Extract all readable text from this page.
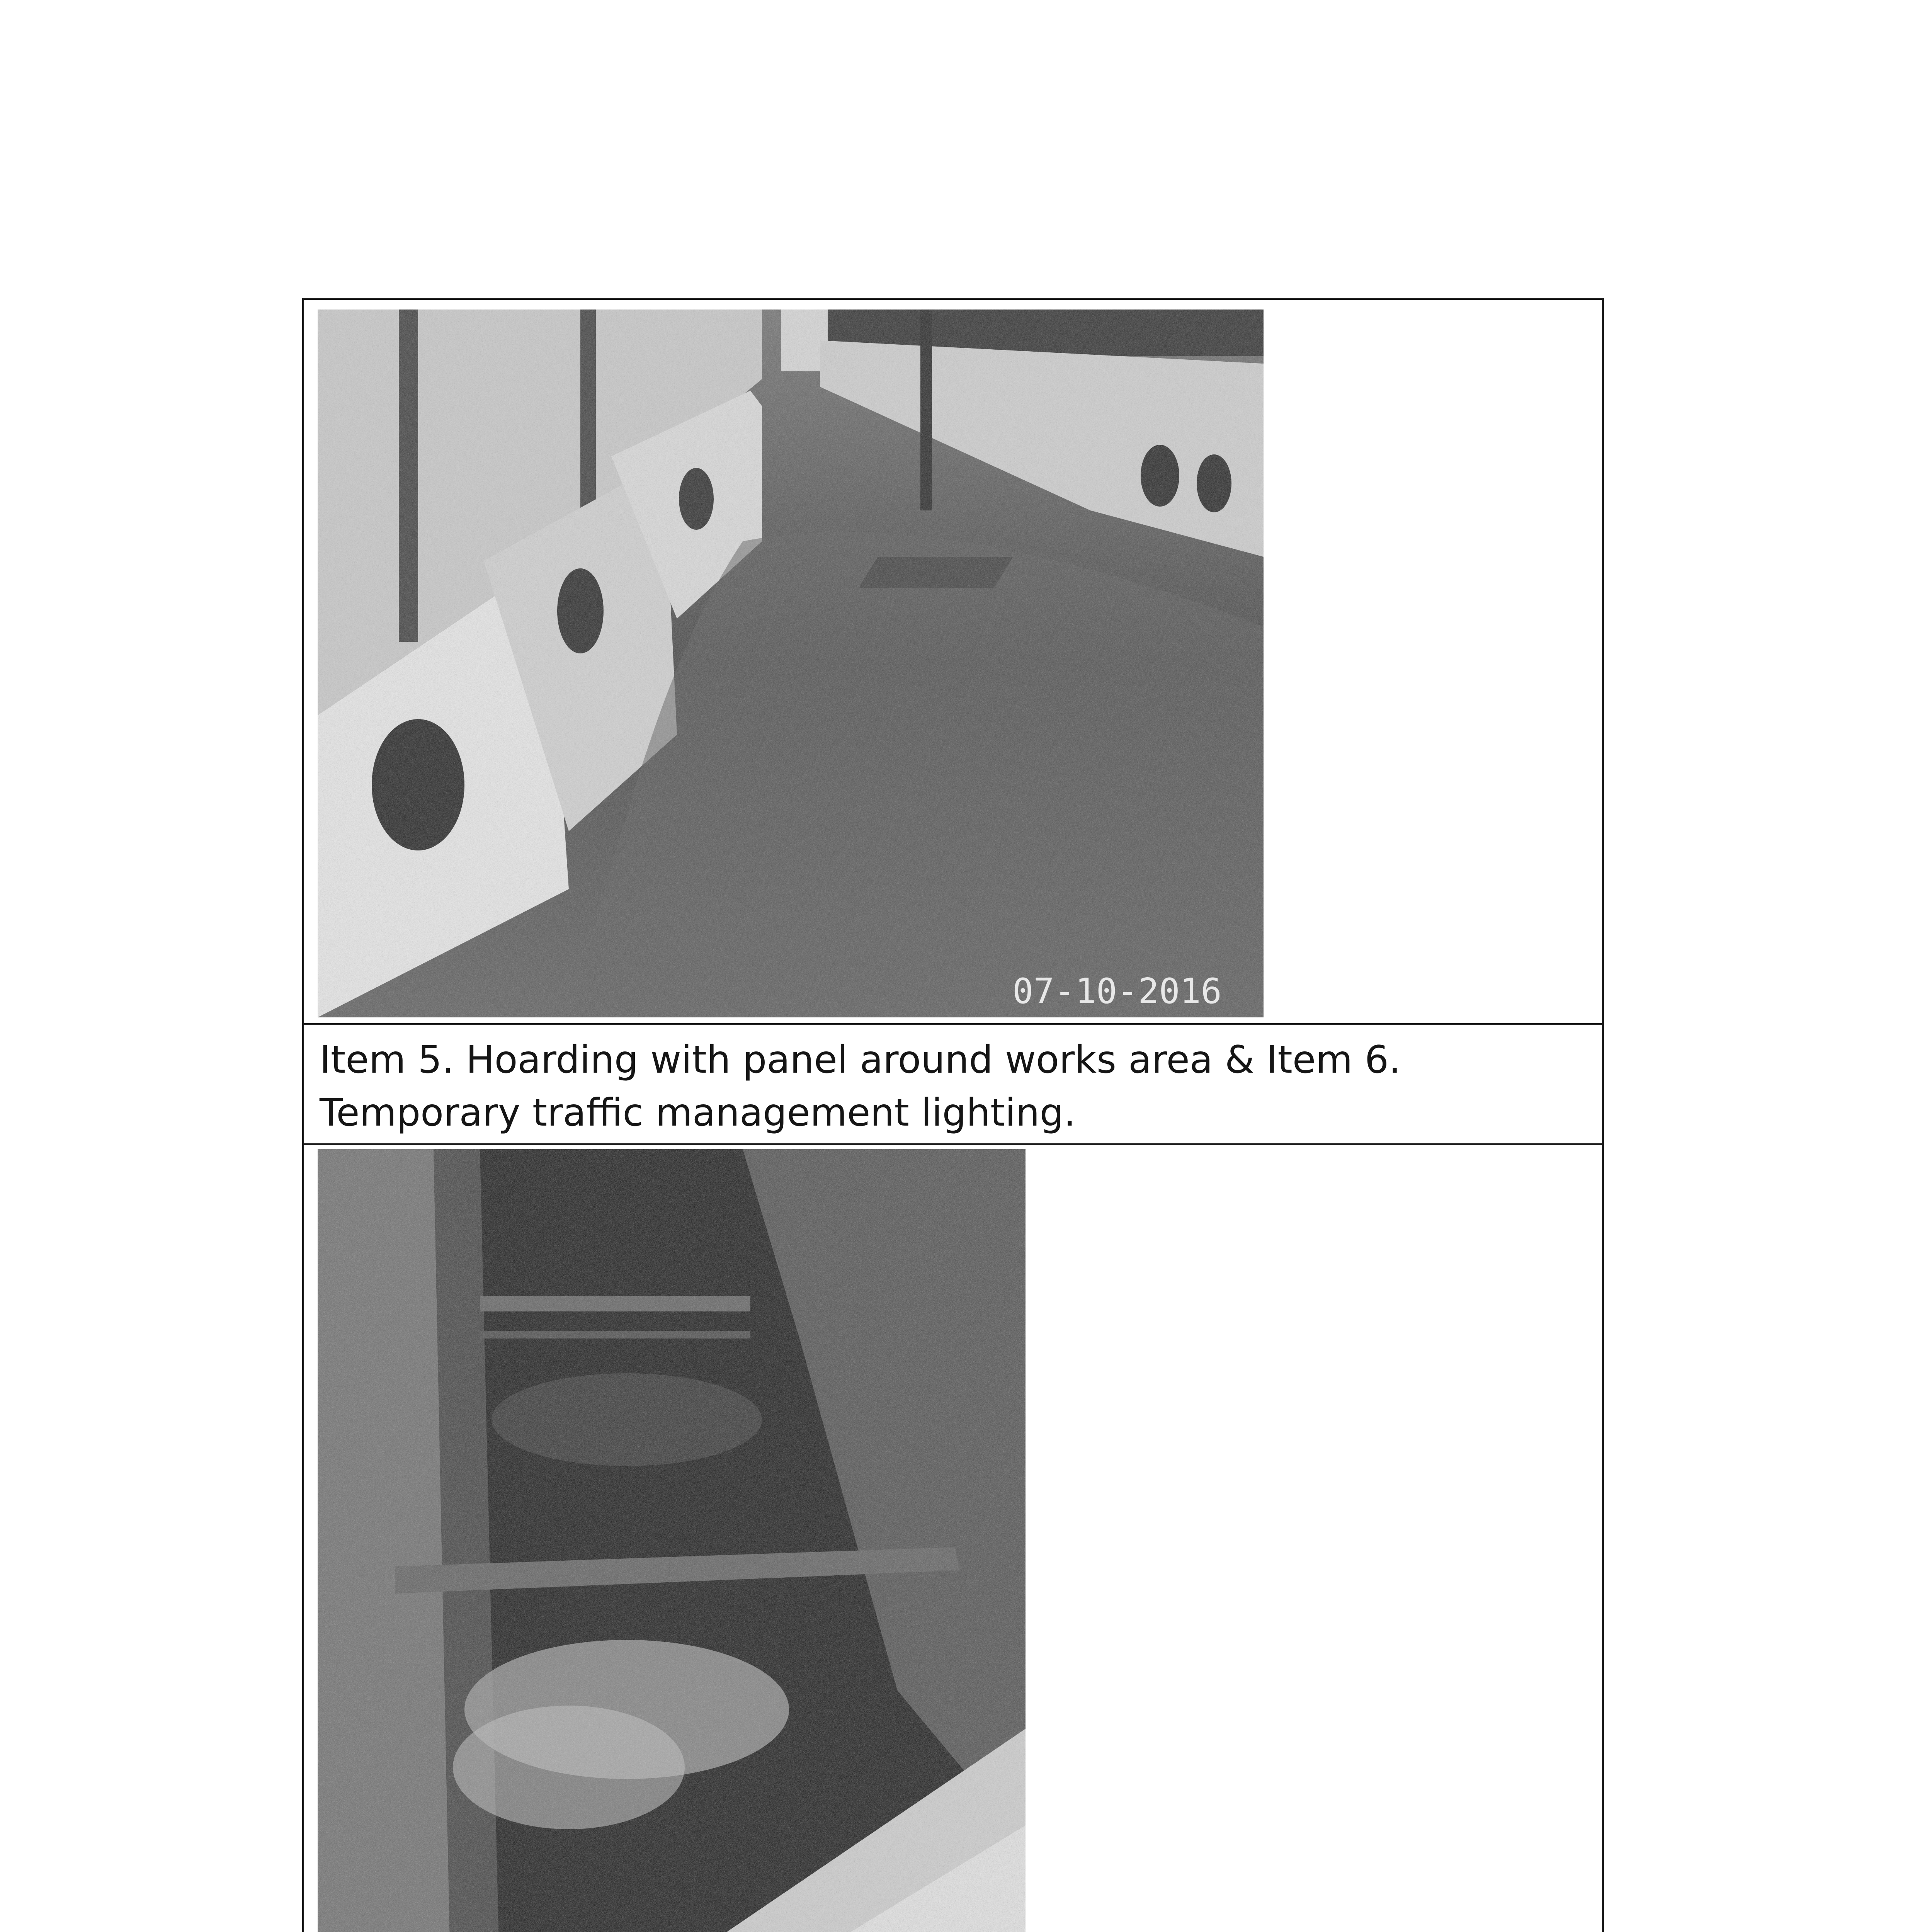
07-10-2016
Item 5. Hoarding with panel around works area & Item 6. Temporary traffic management lighting.
